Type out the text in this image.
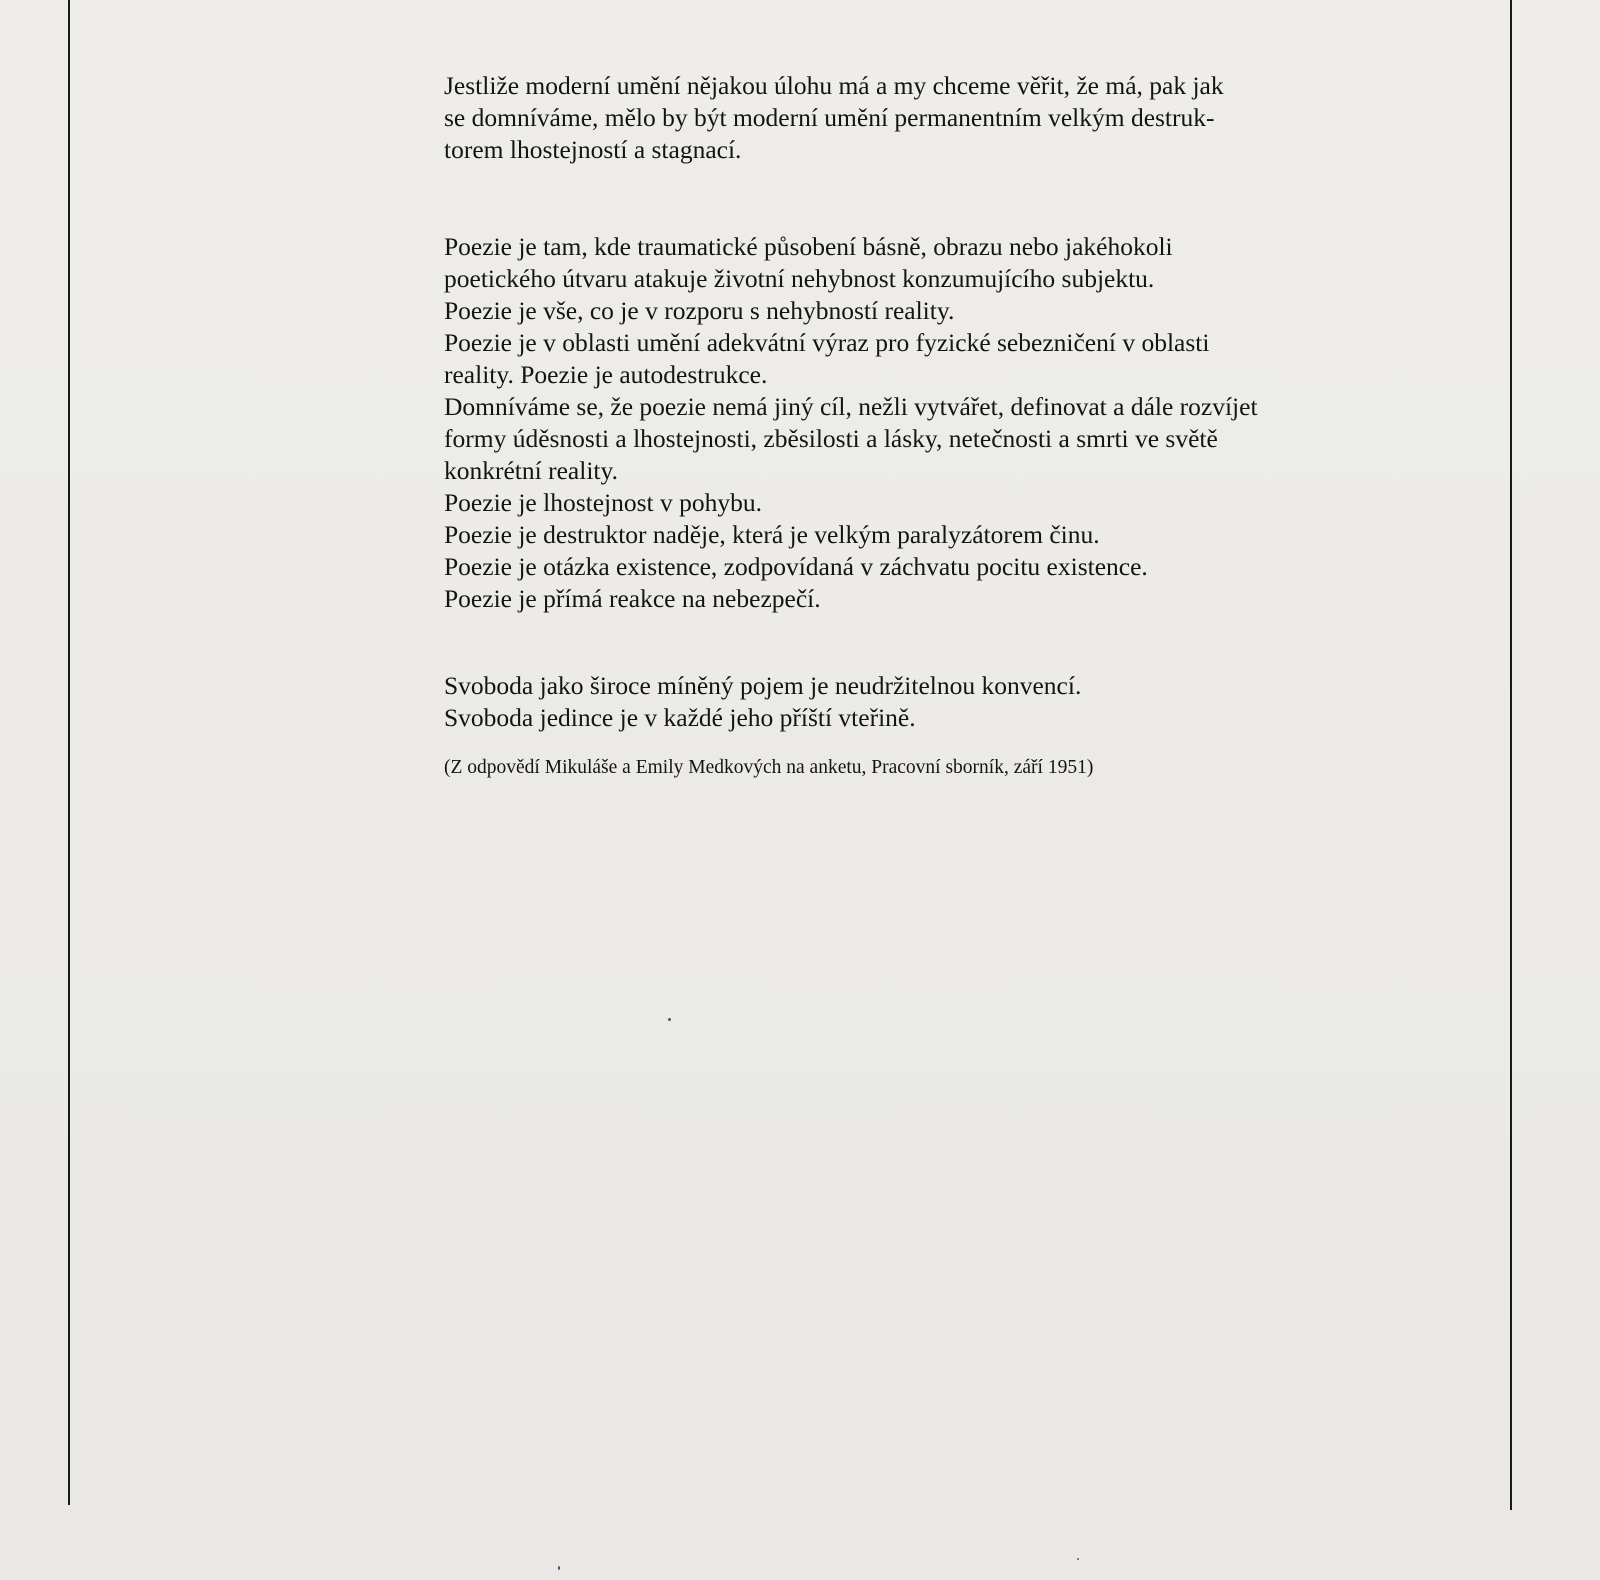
Jestliže moderní umění nějakou úlohu má a my chceme věřit, že má, pak jak
se domníváme, mělo by být moderní umění permanentním velkým destruk-
torem lhostejností a stagnací.

Poezie je tam, kde traumatické působení básně, obrazu nebo jakéhokoli
poetického útvaru atakuje životní nehybnost konzumujícího subjektu.
Poezie je vše, co je v rozporu s nehybností reality.
Poezie je v oblasti umění adekvátní výraz pro fyzické sebezničení v oblasti
reality. Poezie je autodestrukce.
Domníváme se, že poezie nemá jiný cíl, nežli vytvářet, definovat a dále rozvíjet
formy úděsnosti a lhostejnosti, zběsilosti a lásky, netečnosti a smrti ve světě
konkrétní reality.
Poezie je lhostejnost v pohybu.
Poezie je destruktor naděje, která je velkým paralyzátorem činu.
Poezie je otázka existence, zodpovídaná v záchvatu pocitu existence.
Poezie je přímá reakce na nebezpečí.

Svoboda jako široce míněný pojem je neudržitelnou konvencí.
Svoboda jedince je v každé jeho příští vteřině.

(Z odpovědí Mikuláše a Emily Medkových na anketu, Pracovní sborník, září 1951)
